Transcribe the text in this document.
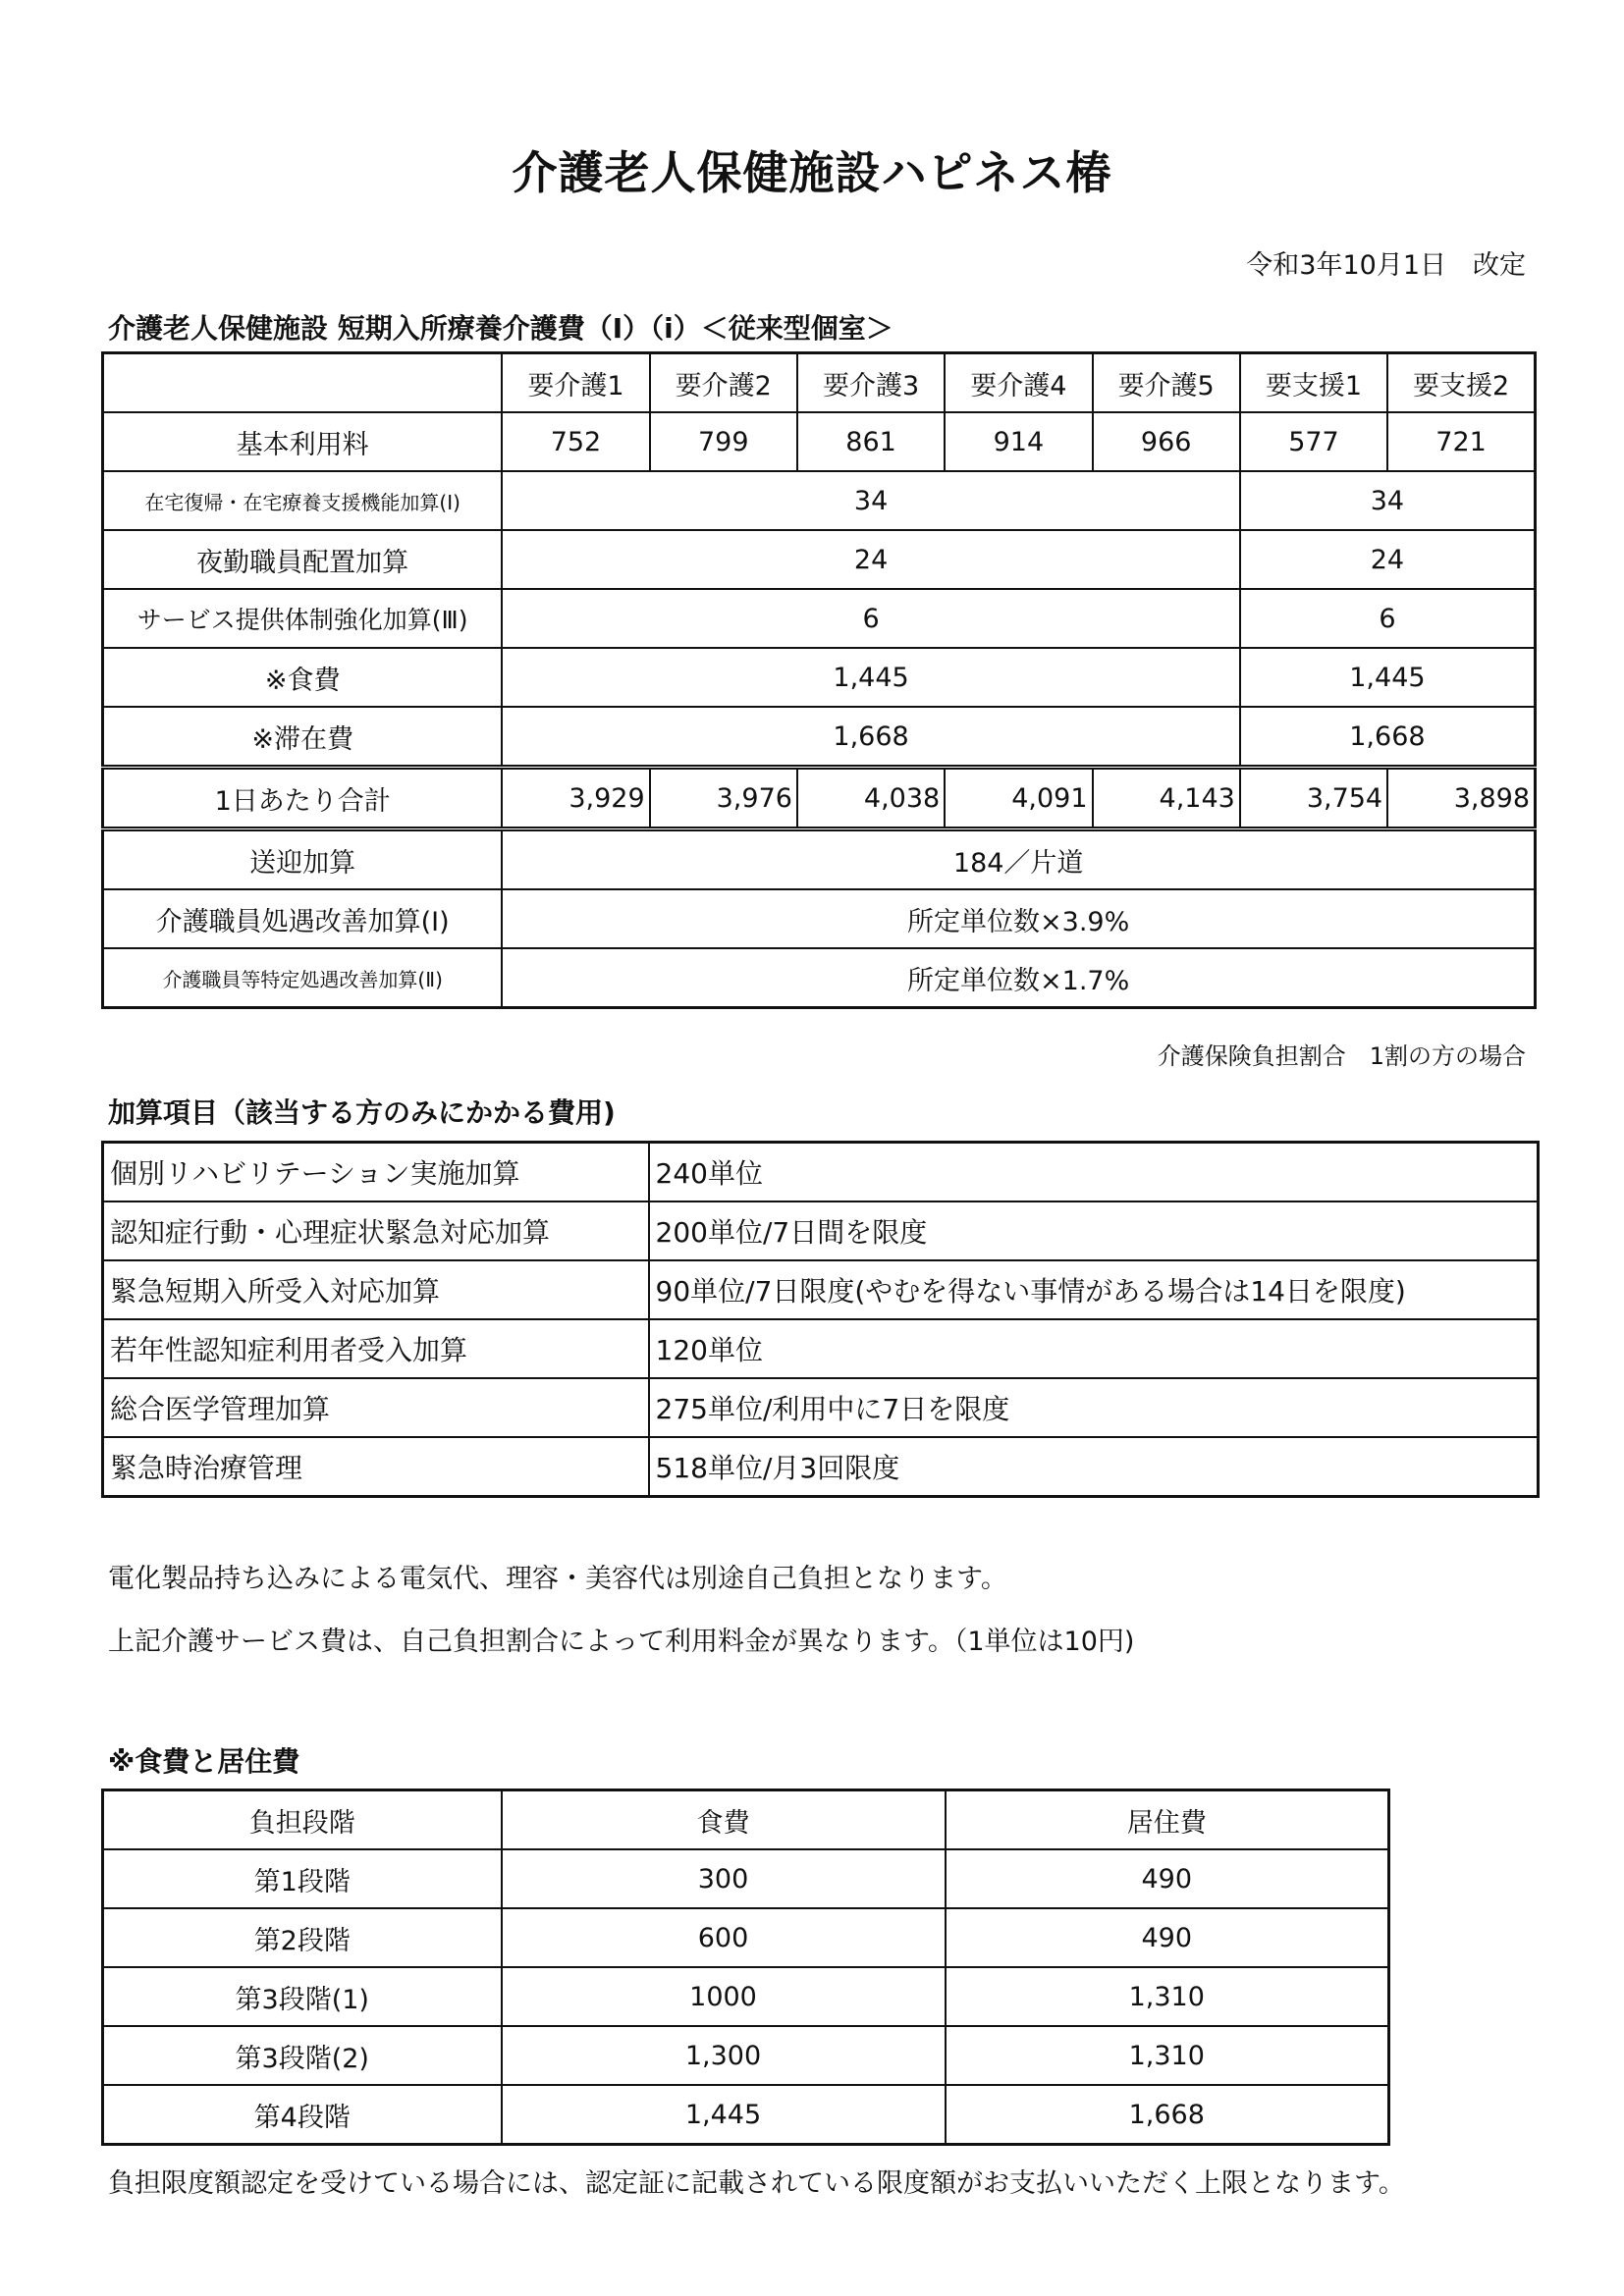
介護老人保健施設ハピネス椿
令和3年10月1日　改定
介護老人保健施設 短期入所療養介護費（Ⅰ）（ⅰ）＜従来型個室＞
	要介護1	要介護2	要介護3	要介護4	要介護5	要支援1	要支援2
基本利用料	752	799	861	914	966	577	721
在宅復帰・在宅療養支援機能加算(Ⅰ)	34					34	
夜勤職員配置加算	24					24	
サービス提供体制強化加算(Ⅲ)	6					6	
※食費	1,445					1,445	
※滞在費	1,668					1,668	
1日あたり合計	3,929	3,976	4,038	4,091	4,143	3,754	3,898
送迎加算	184／片道						
介護職員処遇改善加算(Ⅰ)	所定単位数×3.9%						
介護職員等特定処遇改善加算(Ⅱ)	所定単位数×1.7%						
介護保険負担割合　1割の方の場合
加算項目（該当する方のみにかかる費用)
個別リハビリテーション実施加算	240単位
認知症行動・心理症状緊急対応加算	200単位/7日間を限度
緊急短期入所受入対応加算	90単位/7日限度(やむを得ない事情がある場合は14日を限度)
若年性認知症利用者受入加算	120単位
総合医学管理加算	275単位/利用中に7日を限度
緊急時治療管理	518単位/月3回限度
電化製品持ち込みによる電気代、理容・美容代は別途自己負担となります。
上記介護サービス費は、自己負担割合によって利用料金が異なります。（1単位は10円)
※食費と居住費
負担段階	食費	居住費
第1段階	300	490
第2段階	600	490
第3段階(1)	1000	1,310
第3段階(2)	1,300	1,310
第4段階	1,445	1,668
負担限度額認定を受けている場合には、認定証に記載されている限度額がお支払いいただく上限となります。
